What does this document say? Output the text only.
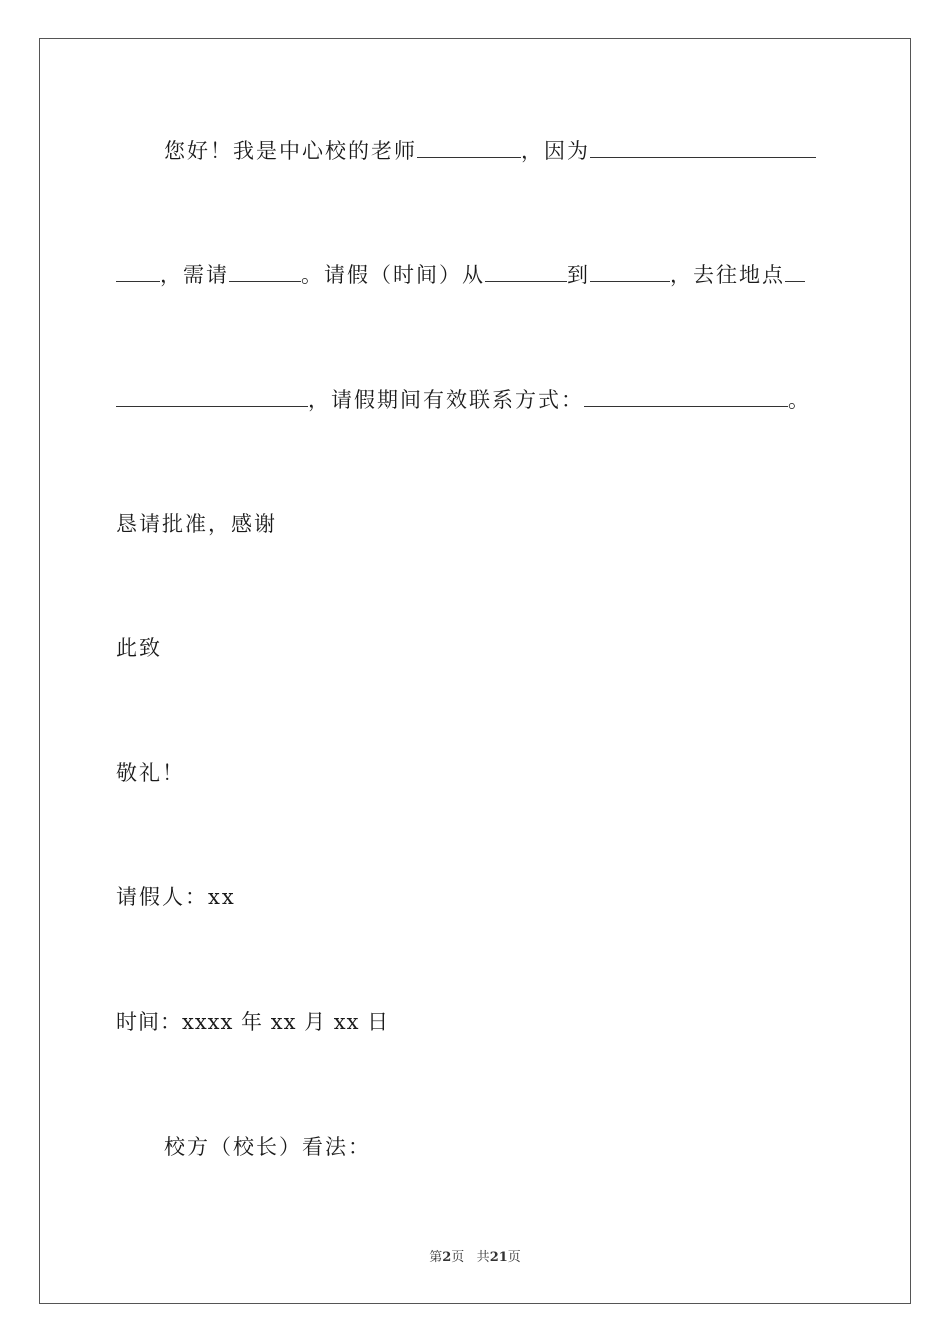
您好！我是中心校的老师	，因为
，需请	。请假（时间）从	到	，去往地点
，请假期间有效联系方式：	。
恳请批准，感谢
此致
敬礼！
请假人：xx
时间：xxxx 年 xx 月 xx 日
校方（校长）看法：
第2页 共21页
